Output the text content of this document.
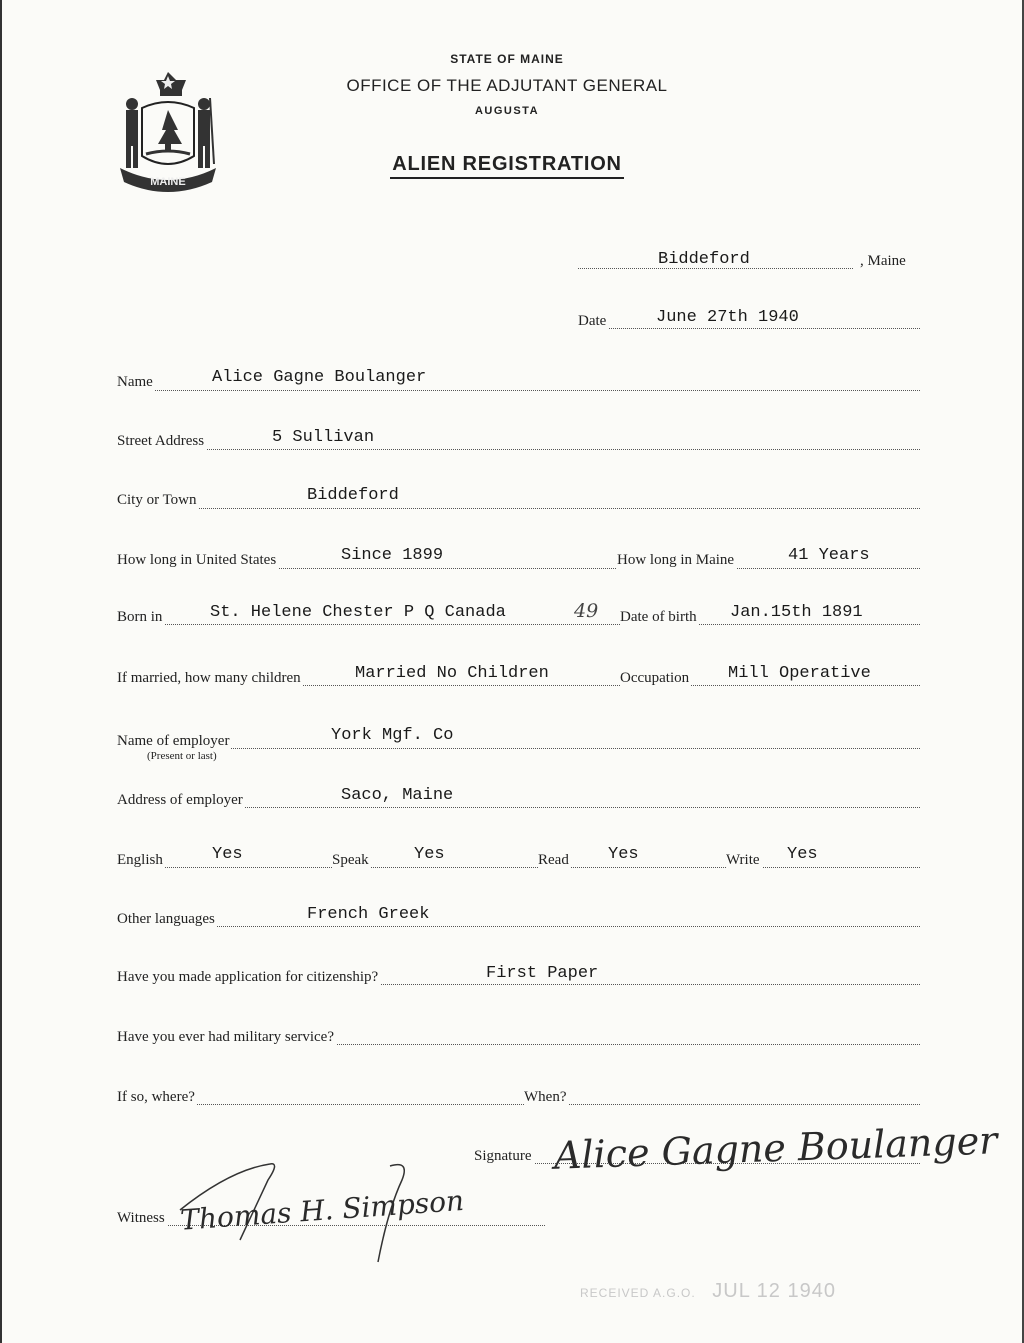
MAINE
STATE OF MAINE
OFFICE OF THE ADJUTANT GENERAL
AUGUSTA
ALIEN REGISTRATION
Biddeford	, Maine
Date	June 27th 1940
Name	Alice Gagne Boulanger
Street Address	5 Sullivan
City or Town	Biddeford
How long in United States	Since 1899	How long in Maine	41 Years
Born in	St. Helene Chester P Q Canada	49 Date of birth Jan.15th 1891
If married, how many children	Married No Children	Occupation Mill Operative
Name of employer
(Present or last)
York Mgf. Co
Address of employer	Saco, Maine
English	Yes	Speak	Yes	Read Yes	Write Yes
Other languages	French Greek
Have you made application for citizenship?	First Paper
Have you ever had military service?
If so, where?	When?
Signature Alice Gagne Boulanger
Witness Thomas H. Simpson
RECEIVED A.G.O. JUL 12 1940
